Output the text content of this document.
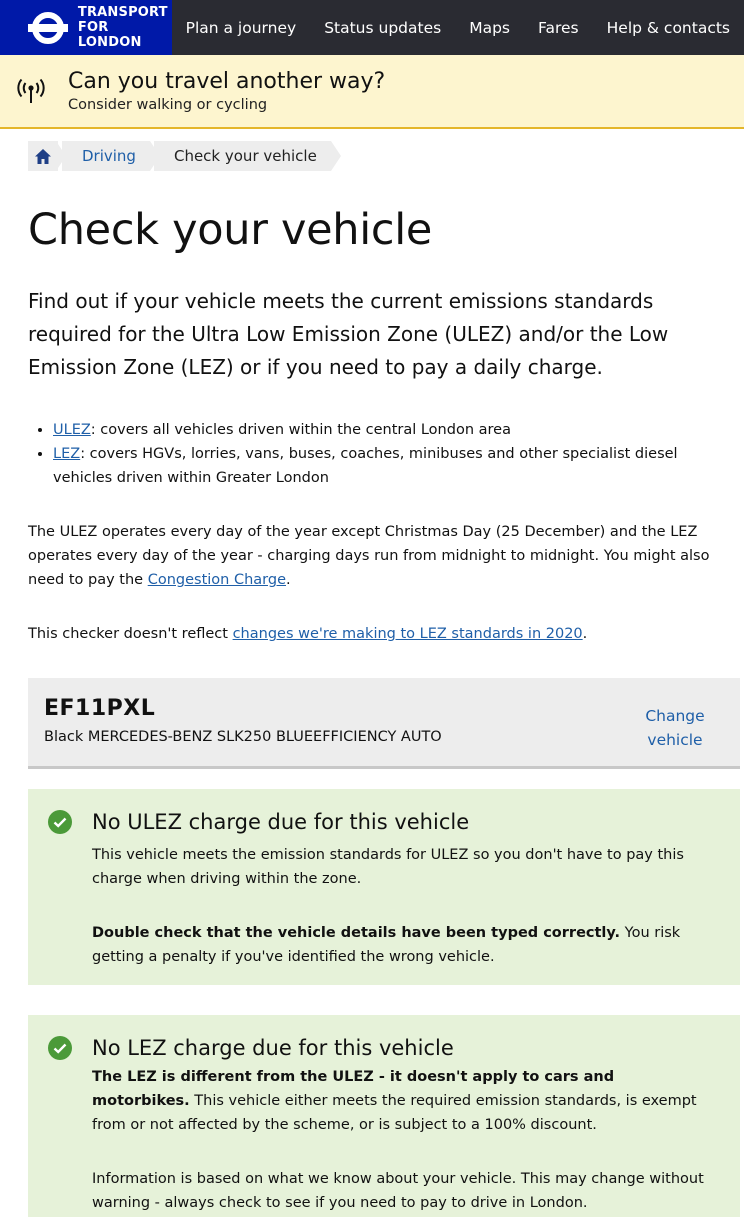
TRANSPORT
FOR LONDON
Plan a journey	Status updates	Maps	Fares	Help & contacts
Can you travel another way?
Consider walking or cycling
Driving	Check your vehicle
Check your vehicle

Find out if your vehicle meets the current emissions standards required for the Ultra Low Emission Zone (ULEZ) and/or the Low Emission Zone (LEZ) or if you need to pay a daily charge.

• ULEZ: covers all vehicles driven within the central London area
• LEZ: covers HGVs, lorries, vans, buses, coaches, minibuses and other specialist diesel vehicles driven within Greater London

The ULEZ operates every day of the year except Christmas Day (25 December) and the LEZ operates every day of the year - charging days run from midnight to midnight. You might also need to pay the Congestion Charge.

This checker doesn't reflect changes we're making to LEZ standards in 2020.

EF11PXL
Black MERCEDES-BENZ SLK250 BLUEEFFICIENCY AUTO
Change
vehicle
No ULEZ charge due for this vehicle

This vehicle meets the emission standards for ULEZ so you don't have to pay this charge when driving within the zone.

Double check that the vehicle details have been typed correctly. You risk getting a penalty if you've identified the wrong vehicle.

No LEZ charge due for this vehicle

The LEZ is different from the ULEZ - it doesn't apply to cars and motorbikes. This vehicle either meets the required emission standards, is exempt from or not affected by the scheme, or is subject to a 100% discount.

Information is based on what we know about your vehicle. This may change without warning - always check to see if you need to pay to drive in London.
